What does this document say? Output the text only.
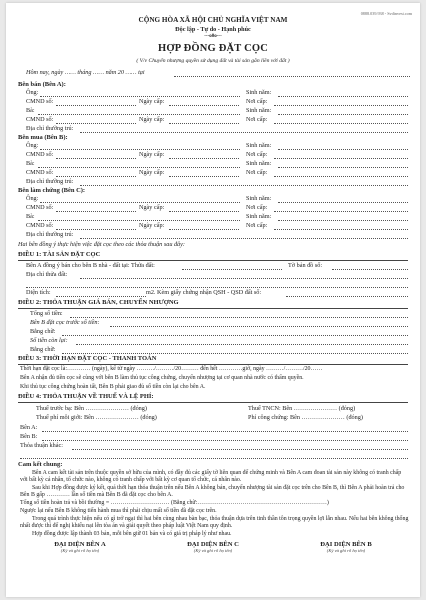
0888.039.938 - Svdinvest.com
CỘNG HÒA XÃ HỘI CHỦ NGHĨA VIỆT NAM
Độc lập - Tự do - Hạnh phúc
---o0o---
HỢP ĐỒNG ĐẶT CỌC
( V/v Chuyển nhượng quyền sử dụng đất và tài sản gắn liền với đất )
Hôm nay, ngày …… tháng …… năm 20 …… tại
Bên bán (Bên A):
Ông:	Sinh năm:
CMND số:	Ngày cấp:	Nơi cấp:
Bà:	Sinh năm:
CMND số:	Ngày cấp:	Nơi cấp:
Địa chỉ thường trú:
Bên mua (Bên B):
Ông:	Sinh năm:
CMND số:	Ngày cấp:	Nơi cấp:
Bà:	Sinh năm:
CMND số:	Ngày cấp:	Nơi cấp:
Địa chỉ thường trú:
Bên làm chứng (Bên C):
Ông:	Sinh năm:
CMND số:	Ngày cấp:	Nơi cấp:
Bà:	Sinh năm:
CMND số:	Ngày cấp:	Nơi cấp:
Địa chỉ thường trú:
Hai bên đồng ý thực hiện việc đặt cọc theo các thỏa thuận sau đây:
ĐIỀU 1: TÀI SẢN ĐẶT CỌC
Bên A đồng ý bán cho bên B nhà - đất tại: Thửa đất:	Tờ bản đồ số:
Địa chỉ thửa đất:
Diện tích:	m2. Kèm giấy chứng nhận QSH - QSD đất số:
ĐIỀU 2: THỎA THUẬN GIÁ BÁN, CHUYỂN NHƯỢNG
Tổng số tiền:
Bên B đặt cọc trước số tiền:
Bằng chữ:
Số tiền còn lại:
Bằng chữ:
ĐIỀU 3: THỜI HẠN ĐẶT CỌC - THANH TOÁN
Thời hạn đặt cọc là:………… (ngày), kể từ ngày ………/………/20……… đến hết …………giờ, ngày ………/………/20……
Bên A nhận đủ tiền cọc sẽ cùng với bên B làm thủ tục công chứng, chuyển nhượng tại cơ quan nhà nước có thẩm quyền.
Khi thủ tục công chứng hoàn tất, Bên B phải giao đủ số tiền còn lại cho bên A.
ĐIỀU 4: THỎA THUẬN VỀ THUẾ VÀ LỆ PHÍ:
Thuế trước bạ: Bên ………………… (đóng)	Thuế TNCN: Bên ………………… (đóng)
Thuế phí môi giới: Bên ………………… (đóng)	Phí công chứng: Bên ………………… (đóng)
Bên A:
Bên B:
Thỏa thuận khác:
Cam kết chung:
Bên A cam kết tài sản trên thuộc quyền sở hữu của mình, có đầy đủ các giấy tờ liên quan để chứng minh và Bên A cam đoan tài sản này không có tranh chấp với bất kỳ cá nhân, tổ chức nào, không có tranh chấp với bất kỳ cơ quan tổ chức, cá nhân nào.
Sau khi Hợp đồng được ký kết, quá thời hạn thỏa thuận trên nếu Bên A không bán, chuyển nhượng tài sản đặt cọc trên cho Bên B, thì Bên A phải hoàn trả cho Bên B gấp ………… lần số tiền mà Bên B đã đặt cọc cho bên A.
Tổng số tiền hoàn trả và bồi thường = ………………………… (Bằng chữ:…………………………………………………………)
Ngược lại nếu Bên B không tiến hành mua thì phải chịu mất số tiền đã đặt cọc trên.
Trong quá trình thực hiện nếu có gì trở ngại thì hai bên cùng nhau bàn bạc, thỏa thuận dựa trên tinh thần tôn trọng quyền lợi lẫn nhau. Nếu hai bên không thống nhất được thì để nghị khiếu nại lên tòa án và giải quyết theo pháp luật Việt Nam quy định.
Hợp đồng được lập thành 03 bản, mỗi bên giữ 01 bản và có giá trị pháp lý như nhau.
ĐẠI DIỆN BÊN A
(Ký và ghi rõ họ tên)
ĐẠI DIỆN BÊN C
(Ký và ghi rõ họ tên)
ĐẠI DIỆN BÊN B
(Ký và ghi rõ họ tên)
